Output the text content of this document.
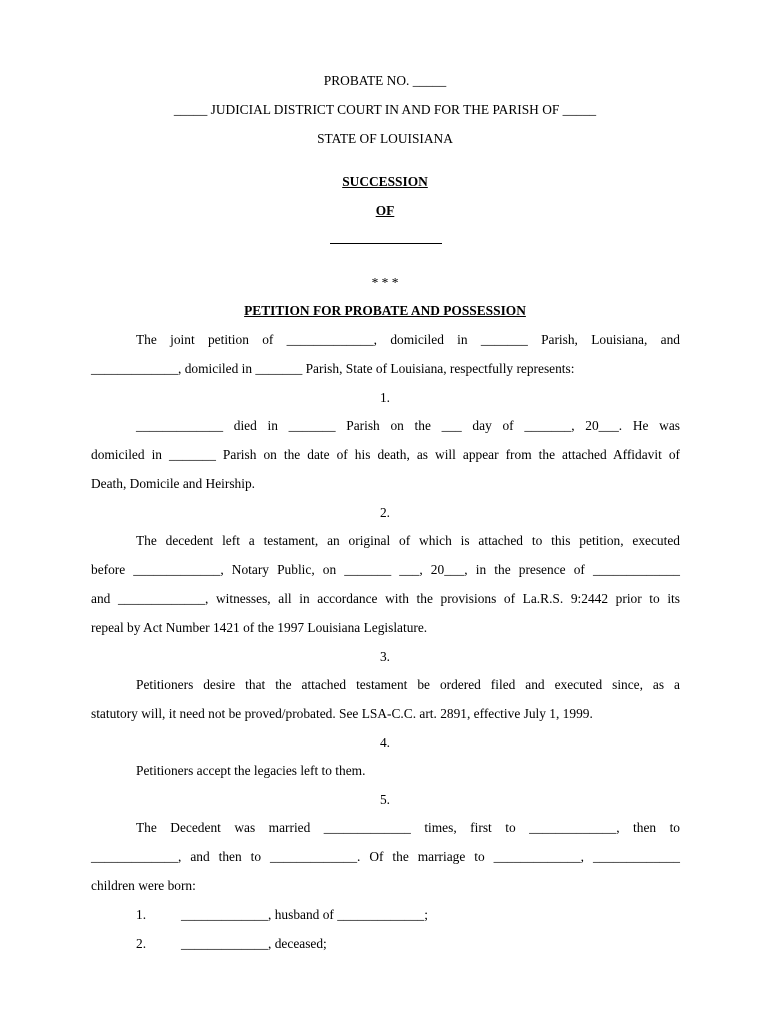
PROBATE NO. _____
_____ JUDICIAL DISTRICT COURT IN AND FOR THE PARISH OF _____
STATE OF LOUISIANA
SUCCESSION
OF
* * *
PETITION FOR PROBATE AND POSSESSION
The joint petition of _____________, domiciled in _______ Parish, Louisiana, and
_____________, domiciled in _______ Parish, State of Louisiana, respectfully represents:
1.
_____________ died in _______ Parish on the ___ day of _______, 20___. He was
domiciled in _______ Parish on the date of his death, as will appear from the attached Affidavit of
Death, Domicile and Heirship.
2.
The decedent left a testament, an original of which is attached to this petition, executed
before _____________, Notary Public, on _______ ___, 20___, in the presence of _____________
and _____________, witnesses, all in accordance with the provisions of La.R.S. 9:2442 prior to its
repeal by Act Number 1421 of the 1997 Louisiana Legislature.
3.
Petitioners desire that the attached testament be ordered filed and executed since, as a
statutory will, it need not be proved/probated. See LSA-C.C. art. 2891, effective July 1, 1999.
4.
Petitioners accept the legacies left to them.
5.
The Decedent was married _____________ times, first to _____________, then to
_____________, and then to _____________. Of the marriage to _____________, _____________
children were born:
1.	_____________, husband of _____________;
2.	_____________, deceased;
